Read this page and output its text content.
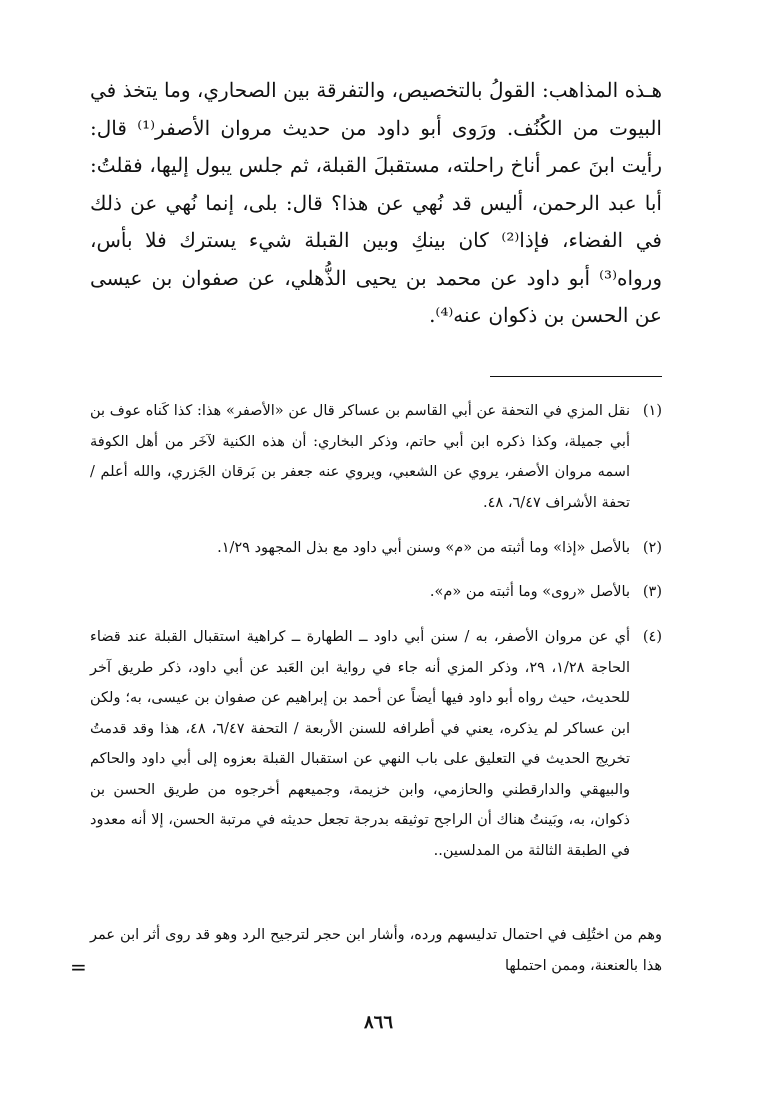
هـذه المذاهب: القولُ بالتخصيص، والتفرقة بين الصحاري، وما يتخذ في البيوت من الكُنُف. ورَوى أبو داود من حديث مروان الأصفر⁽¹⁾ قال: رأيت ابنَ عمر أناخ راحلته، مستقبلَ القبلة، ثم جلس يبول إليها، فقلتُ: أبا عبد الرحمن، أليس قد نُهي عن هذا؟ قال: بلى، إنما نُهي عن ذلك في الفضاء، فإذا⁽²⁾ كان بينكِ وبين القبلة شيء يسترك فلا بأس، ورواه⁽³⁾ أبو داود عن محمد بن يحيى الذُّهلي، عن صفوان بن عيسى عن الحسن بن ذكوان عنه⁽⁴⁾.

(١)
نقل المزي في التحفة عن أبي القاسم بن عساكر قال عن «الأصفر» هذا: كذا كَناه عوف بن أبي جميلة، وكذا ذكره ابن أبي حاتم، وذكر البخاري: أن هذه الكنية لآخَر من أهل الكوفة اسمه مروان الأصفر، يروي عن الشعبي، ويروي عنه جعفر بن بَرقان الجَزري، والله أعلم / تحفة الأشراف ٦/٤٧، ٤٨.
(٢)
بالأصل «إذا» وما أثبته من «م» وسنن أبي داود مع بذل المجهود ١/٢٩.
(٣)
بالأصل «روى» وما أثبته من «م».
(٤)
أي عن مروان الأصفر، به / سنن أبي داود ــ الطهارة ــ كراهية استقبال القبلة عند قضاء الحاجة ١/٢٨، ٢٩، وذكر المزي أنه جاء في رواية ابن العَبد عن أبي داود، ذكر طريق آخر للحديث، حيث رواه أبو داود فيها أيضاً عن أحمد بن إبراهيم عن صفوان بن عيسى، به؛ ولكن ابن عساكر لم يذكره، يعني في أطرافه للسنن الأربعة / التحفة ٦/٤٧، ٤٨، هذا وقد قدمتُ تخريج الحديث في التعليق على باب النهي عن استقبال القبلة بعزوه إلى أبي داود والحاكم والبيهقي والدارقطني والحازمي، وابن خزيمة، وجميعهم أخرجوه من طريق الحسن بن ذكوان، به، وبَينتُ هناك أن الراجح توثيقه بدرجة تجعل حديثه في مرتبة الحسن، إلا أنه معدود في الطبقة الثالثة من المدلسين..
وهم من اختُلِف في احتمال تدليسهم ورده، وأشار ابن حجر لترجيح الرد وهو قد روى أثر ابن عمر هذا بالعنعنة، وممن احتملها
=
٨٦٦
